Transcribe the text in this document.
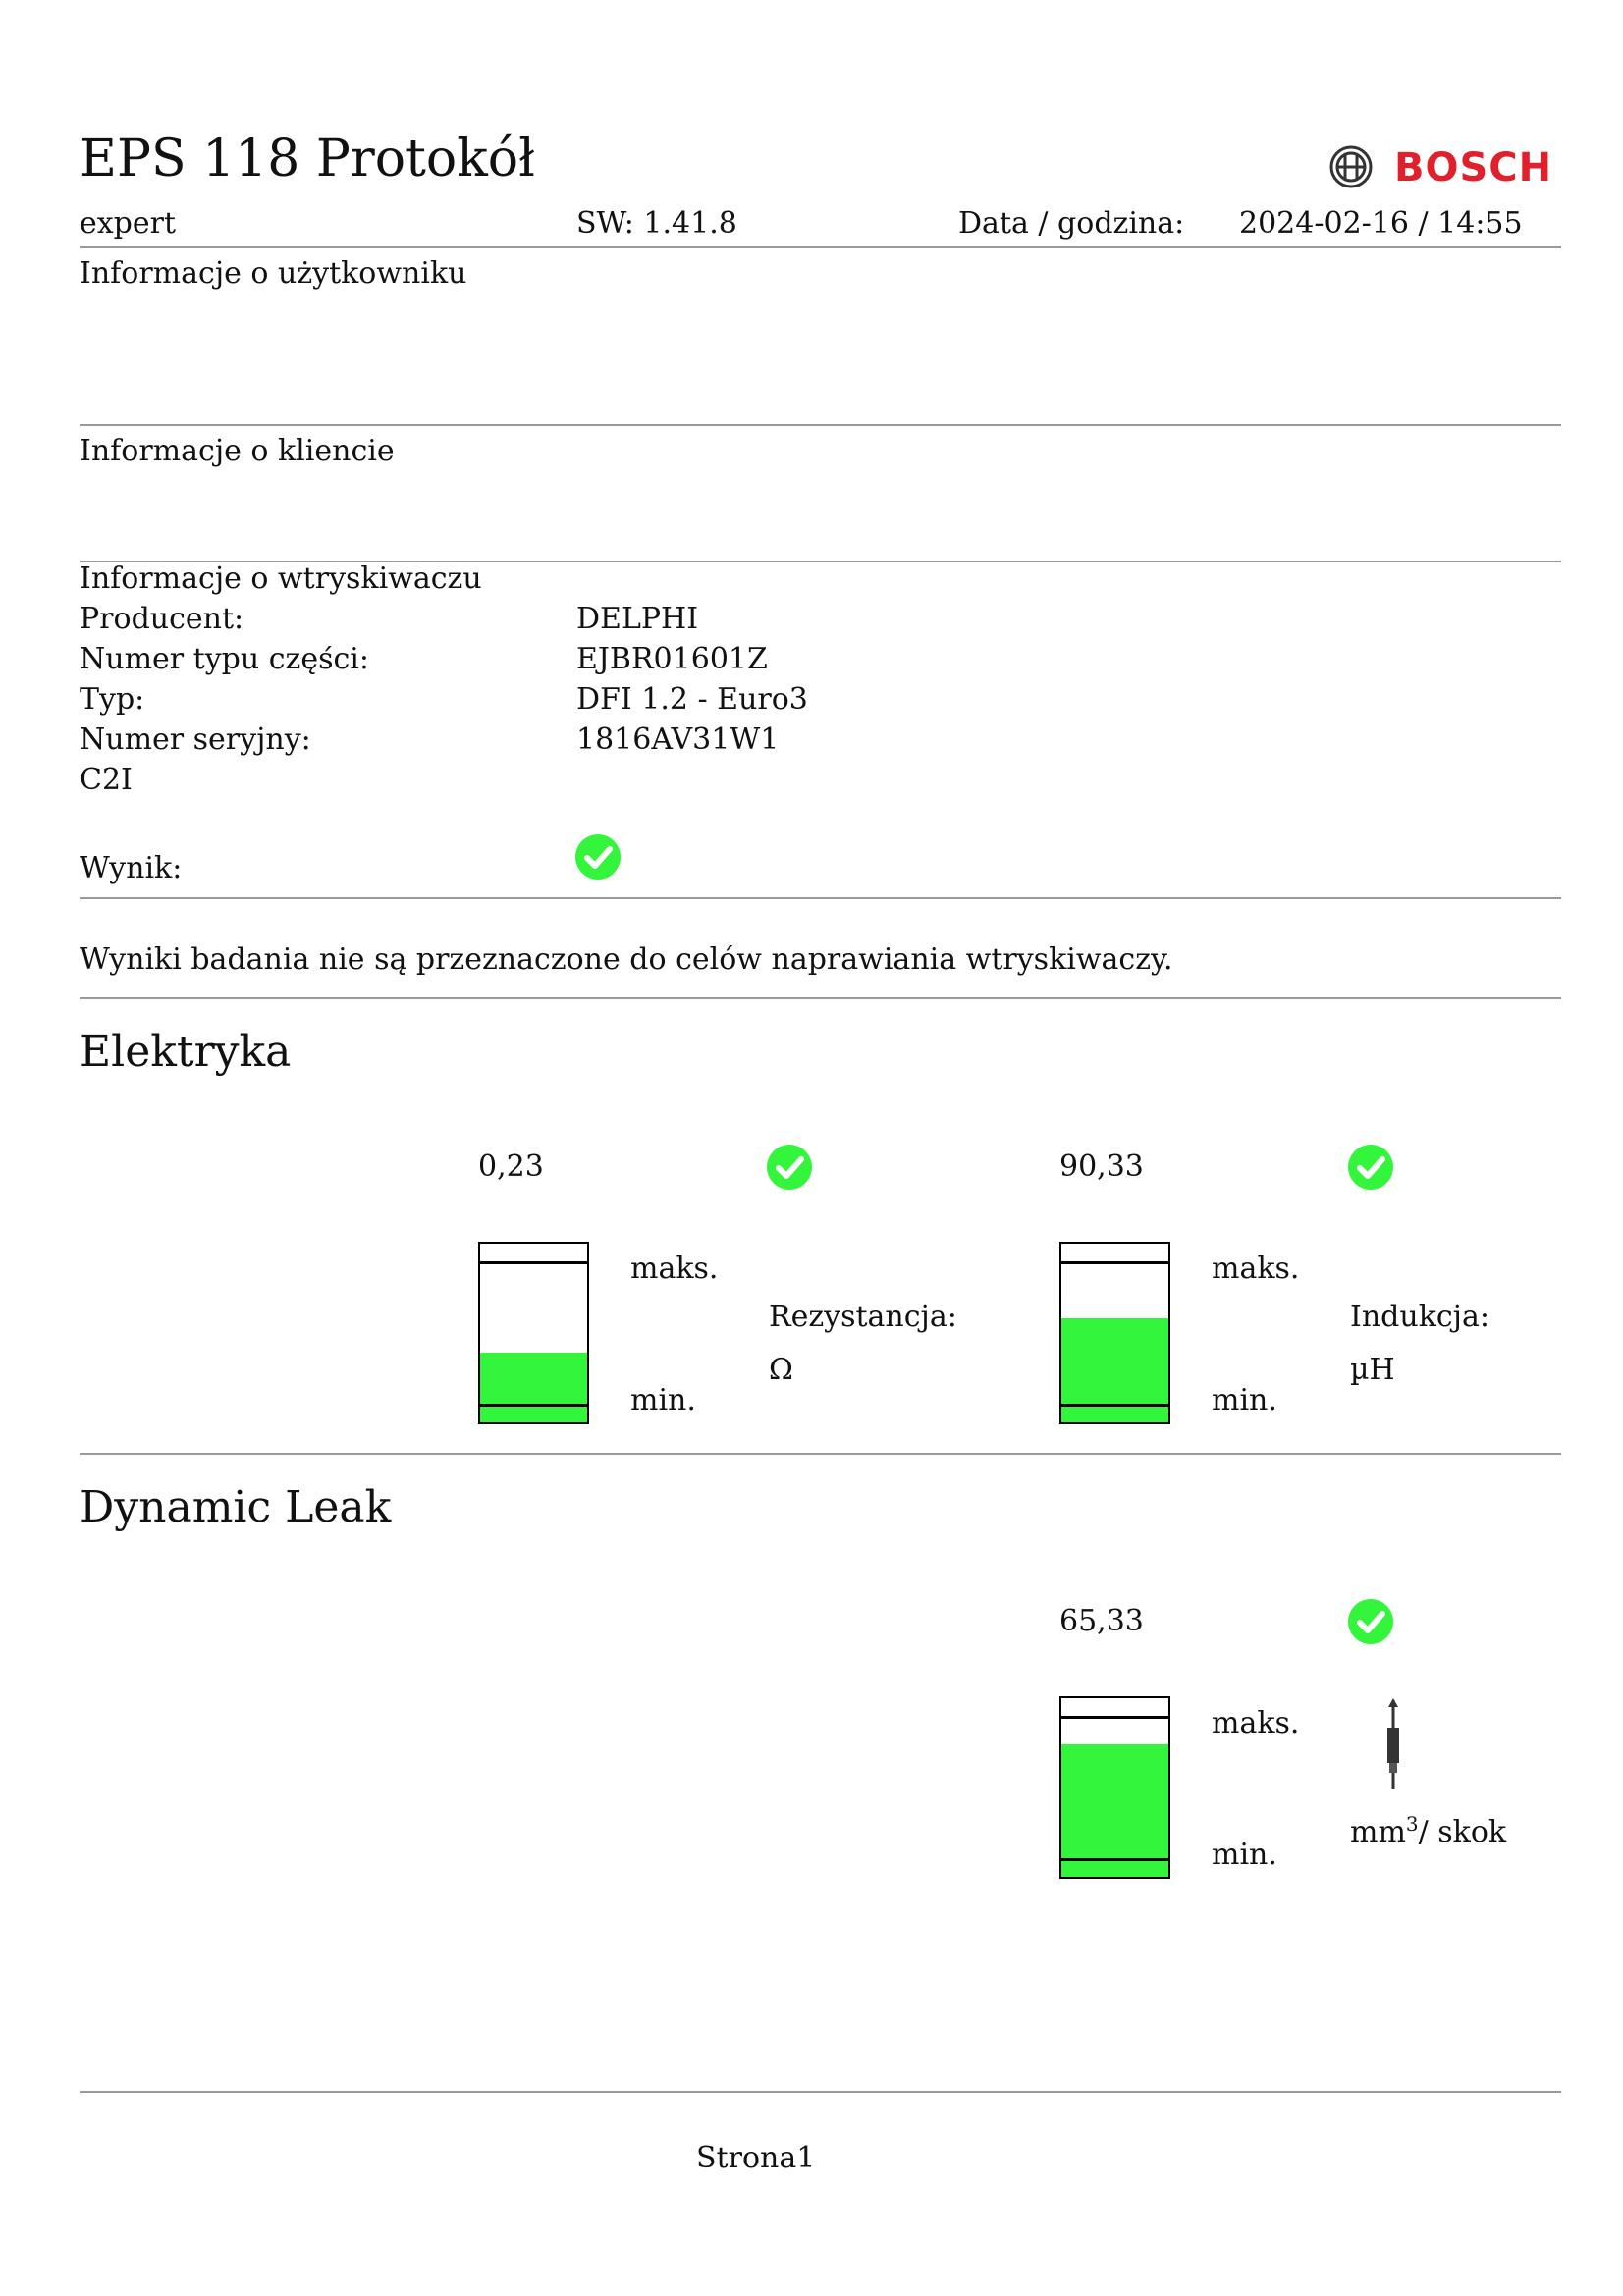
EPS 118 Protokół	BOSCH
expert	SW: 1.41.8	Data / godzina: 2024-02-16 / 14:55
Informacje o użytkowniku
Informacje o kliencie
Informacje o wtryskiwaczu
Producent:	DELPHI
Numer typu części:	EJBR01601Z
Typ:	DFI 1.2 - Euro3
Numer seryjny:	1816AV31W1
C2I
Wynik:
Wyniki badania nie są przeznaczone do celów naprawiania wtryskiwaczy.
Elektryka
0,23
maks.
min.
Rezystancja:
Ω
90,33
maks.
min.
Indukcja:
µH
Dynamic Leak
65,33
maks.
min.
$mm^3/$ skok
Strona1
